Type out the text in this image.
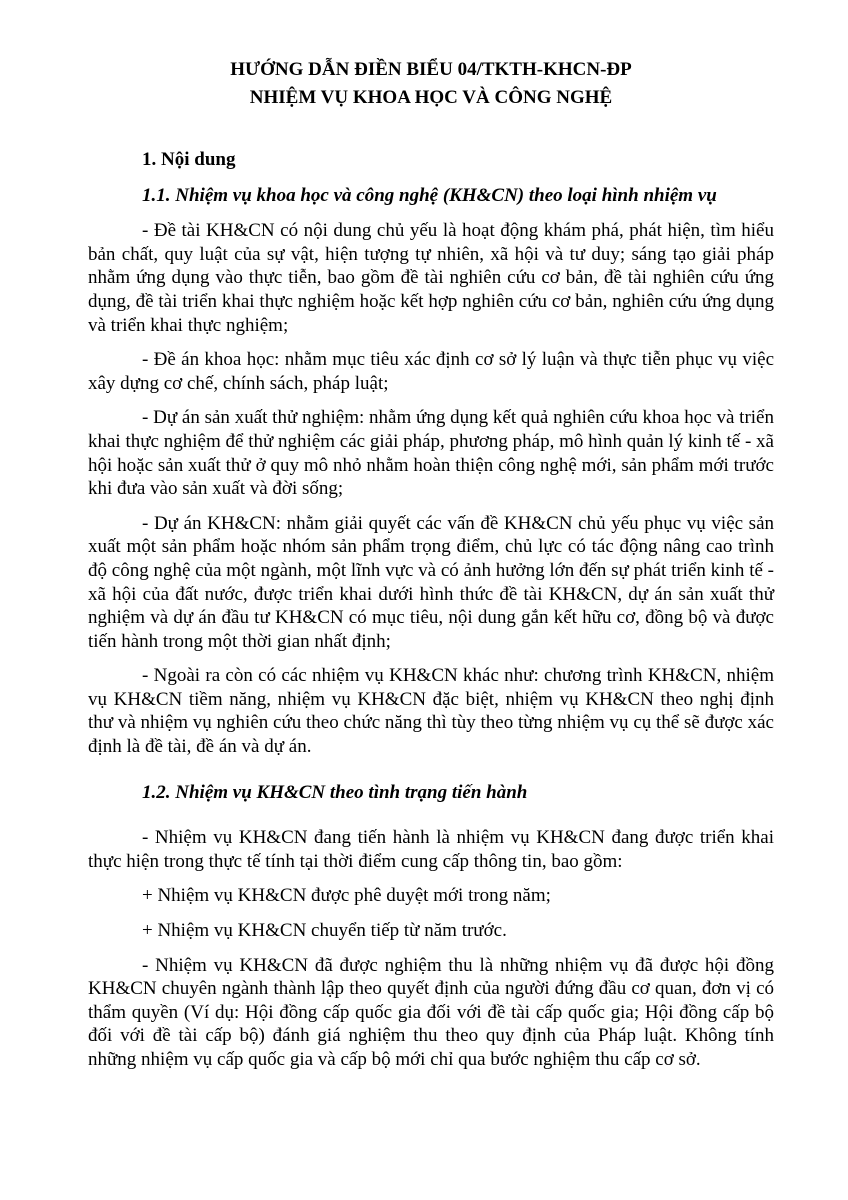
HƯỚNG DẪN ĐIỀN BIỂU 04/TKTH-KHCN-ĐP

NHIỆM VỤ KHOA HỌC VÀ CÔNG NGHỆ

1. Nội dung

1.1. Nhiệm vụ khoa học và công nghệ (KH&CN) theo loại hình nhiệm vụ

- Đề tài KH&CN có nội dung chủ yếu là hoạt động khám phá, phát hiện, tìm hiểu bản chất, quy luật của sự vật, hiện tượng tự nhiên, xã hội và tư duy; sáng tạo giải pháp nhằm ứng dụng vào thực tiễn, bao gồm đề tài nghiên cứu cơ bản, đề tài nghiên cứu ứng dụng, đề tài triển khai thực nghiệm hoặc kết hợp nghiên cứu cơ bản, nghiên cứu ứng dụng và triển khai thực nghiệm;

- Đề án khoa học: nhằm mục tiêu xác định cơ sở lý luận và thực tiễn phục vụ việc xây dựng cơ chế, chính sách, pháp luật;

- Dự án sản xuất thử nghiệm: nhằm ứng dụng kết quả nghiên cứu khoa học và triển khai thực nghiệm để thử nghiệm các giải pháp, phương pháp, mô hình quản lý kinh tế - xã hội hoặc sản xuất thử ở quy mô nhỏ nhằm hoàn thiện công nghệ mới, sản phẩm mới trước khi đưa vào sản xuất và đời sống;

- Dự án KH&CN: nhằm giải quyết các vấn đề KH&CN chủ yếu phục vụ việc sản xuất một sản phẩm hoặc nhóm sản phẩm trọng điểm, chủ lực có tác động nâng cao trình độ công nghệ của một ngành, một lĩnh vực và có ảnh hưởng lớn đến sự phát triển kinh tế - xã hội của đất nước, được triển khai dưới hình thức đề tài KH&CN, dự án sản xuất thử nghiệm và dự án đầu tư KH&CN có mục tiêu, nội dung gắn kết hữu cơ, đồng bộ và được tiến hành trong một thời gian nhất định;

- Ngoài ra còn có các nhiệm vụ KH&CN khác như: chương trình KH&CN, nhiệm vụ KH&CN tiềm năng, nhiệm vụ KH&CN đặc biệt, nhiệm vụ KH&CN theo nghị định thư và nhiệm vụ nghiên cứu theo chức năng thì tùy theo từng nhiệm vụ cụ thể sẽ được xác định là đề tài, đề án và dự án.

1.2. Nhiệm vụ KH&CN theo tình trạng tiến hành

- Nhiệm vụ KH&CN đang tiến hành là nhiệm vụ KH&CN đang được triển khai thực hiện trong thực tế tính tại thời điểm cung cấp thông tin, bao gồm:

+ Nhiệm vụ KH&CN được phê duyệt mới trong năm;

+ Nhiệm vụ KH&CN chuyển tiếp từ năm trước.

- Nhiệm vụ KH&CN đã được nghiệm thu là những nhiệm vụ đã được hội đồng KH&CN chuyên ngành thành lập theo quyết định của người đứng đầu cơ quan, đơn vị có thẩm quyền (Ví dụ: Hội đồng cấp quốc gia đối với đề tài cấp quốc gia; Hội đồng cấp bộ đối với đề tài cấp bộ) đánh giá nghiệm thu theo quy định của Pháp luật. Không tính những nhiệm vụ cấp quốc gia và cấp bộ mới chỉ qua bước nghiệm thu cấp cơ sở.
